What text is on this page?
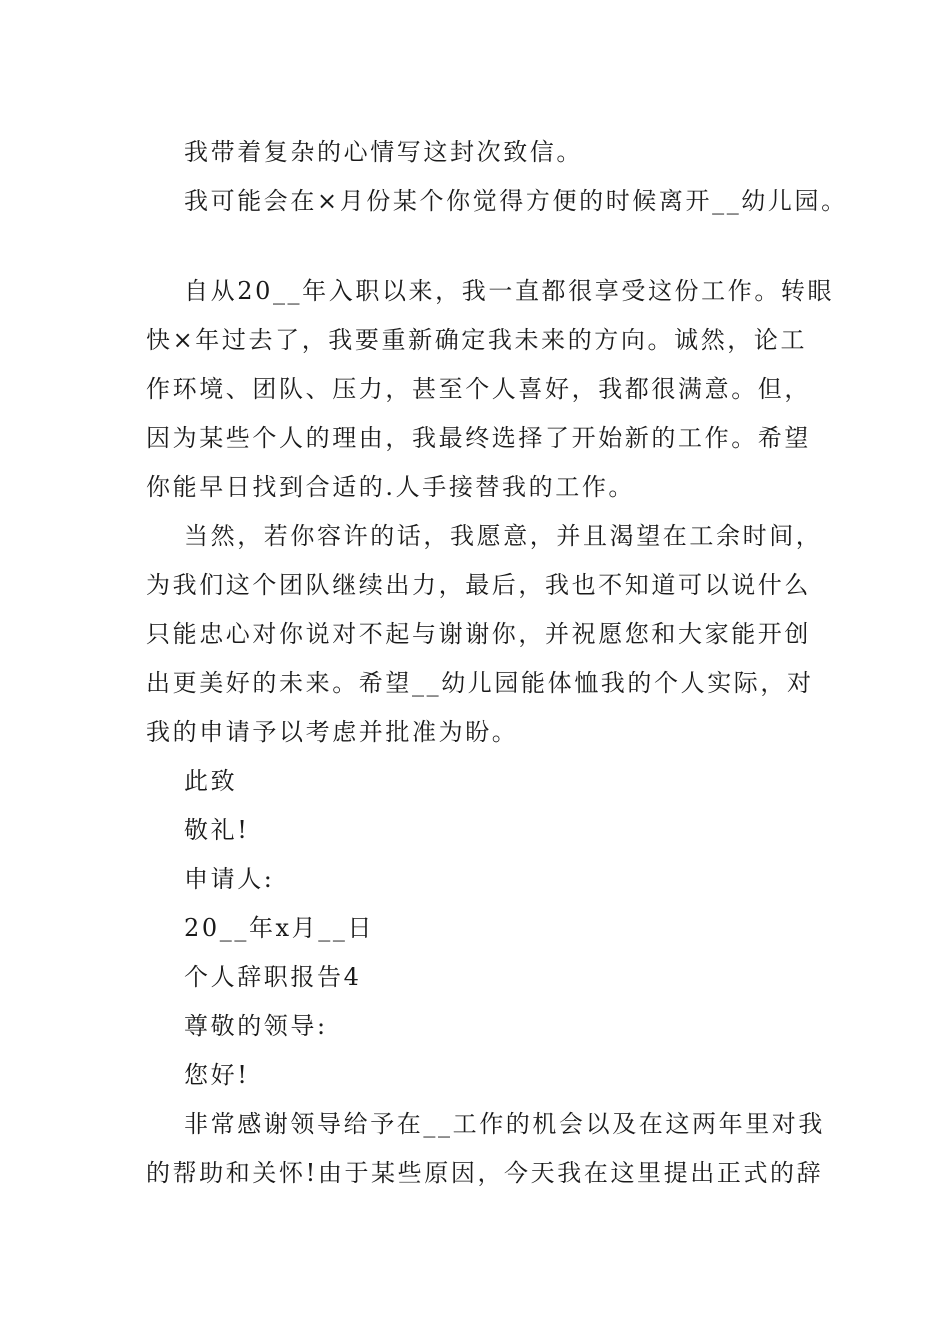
我带着复杂的心情写这封次致信。
我可能会在×月份某个你觉得方便的时候离开__幼儿园。
自从20__年入职以来，我一直都很享受这份工作。转眼
快×年过去了，我要重新确定我未来的方向。诚然，论工
作环境、团队、压力，甚至个人喜好，我都很满意。但，
因为某些个人的理由，我最终选择了开始新的工作。希望
你能早日找到合适的.人手接替我的工作。
当然，若你容许的话，我愿意，并且渴望在工余时间，
为我们这个团队继续出力，最后，我也不知道可以说什么
只能忠心对你说对不起与谢谢你，并祝愿您和大家能开创
出更美好的未来。希望__幼儿园能体恤我的个人实际，对
我的申请予以考虑并批准为盼。
此致
敬礼!
申请人:
20__年x月__日
个人辞职报告4
尊敬的领导:
您好!
非常感谢领导给予在__工作的机会以及在这两年里对我
的帮助和关怀!由于某些原因，今天我在这里提出正式的辞
